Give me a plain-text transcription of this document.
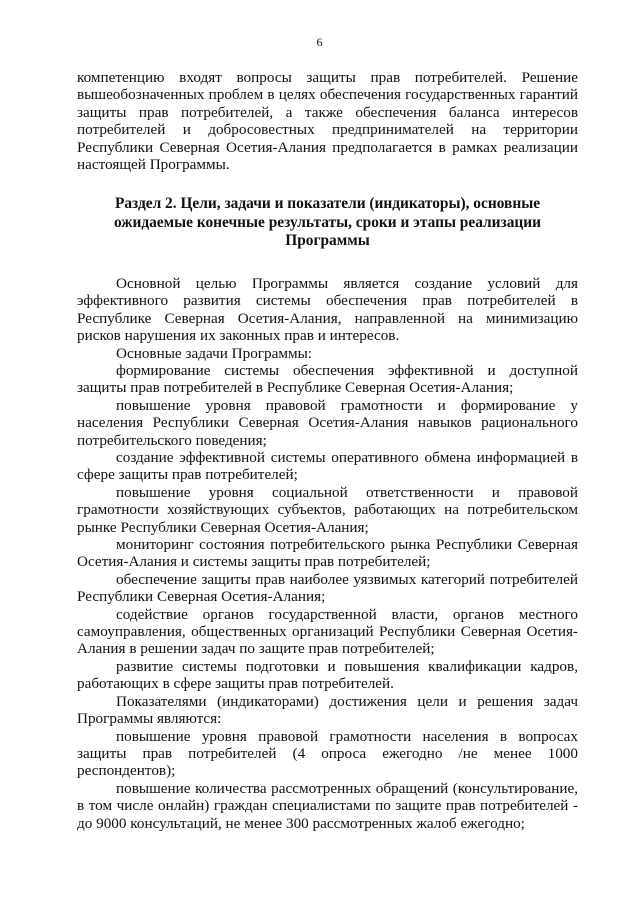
6

компетенцию входят вопросы защиты прав потребителей. Решение вышеобозначенных проблем в целях обеспечения государственных гарантий защиты прав потребителей, а также обеспечения баланса интересов потребителей и добросовестных предпринимателей на территории Республики Северная Осетия-Алания предполагается в рамках реализации настоящей Программы.

Раздел 2. Цели, задачи и показатели (индикаторы), основные ожидаемые конечные результаты, сроки и этапы реализации Программы

Основной целью Программы является создание условий для эффективного развития системы обеспечения прав потребителей в Республике Северная Осетия-Алания, направленной на минимизацию рисков нарушения их законных прав и интересов.

Основные задачи Программы:

формирование системы обеспечения эффективной и доступной защиты прав потребителей в Республике Северная Осетия-Алания;

повышение уровня правовой грамотности и формирование у населения Республики Северная Осетия-Алания навыков рационального потребительского поведения;

создание эффективной системы оперативного обмена информацией в сфере защиты прав потребителей;

повышение уровня социальной ответственности и правовой грамотности хозяйствующих субъектов, работающих на потребительском рынке Республики Северная Осетия-Алания;

мониторинг состояния потребительского рынка Республики Северная Осетия-Алания и системы защиты прав потребителей;

обеспечение защиты прав наиболее уязвимых категорий потребителей Республики Северная Осетия-Алания;

содействие органов государственной власти, органов местного самоуправления, общественных организаций Республики Северная Осетия-Алания в решении задач по защите прав потребителей;

развитие системы подготовки и повышения квалификации кадров, работающих в сфере защиты прав потребителей.

Показателями (индикаторами) достижения цели и решения задач Программы являются:

повышение уровня правовой грамотности населения в вопросах защиты прав потребителей (4 опроса ежегодно /не менее 1000 респондентов);

повышение количества рассмотренных обращений (консультирование, в том числе онлайн) граждан специалистами по защите прав потребителей - до 9000 консультаций, не менее 300 рассмотренных жалоб ежегодно;
